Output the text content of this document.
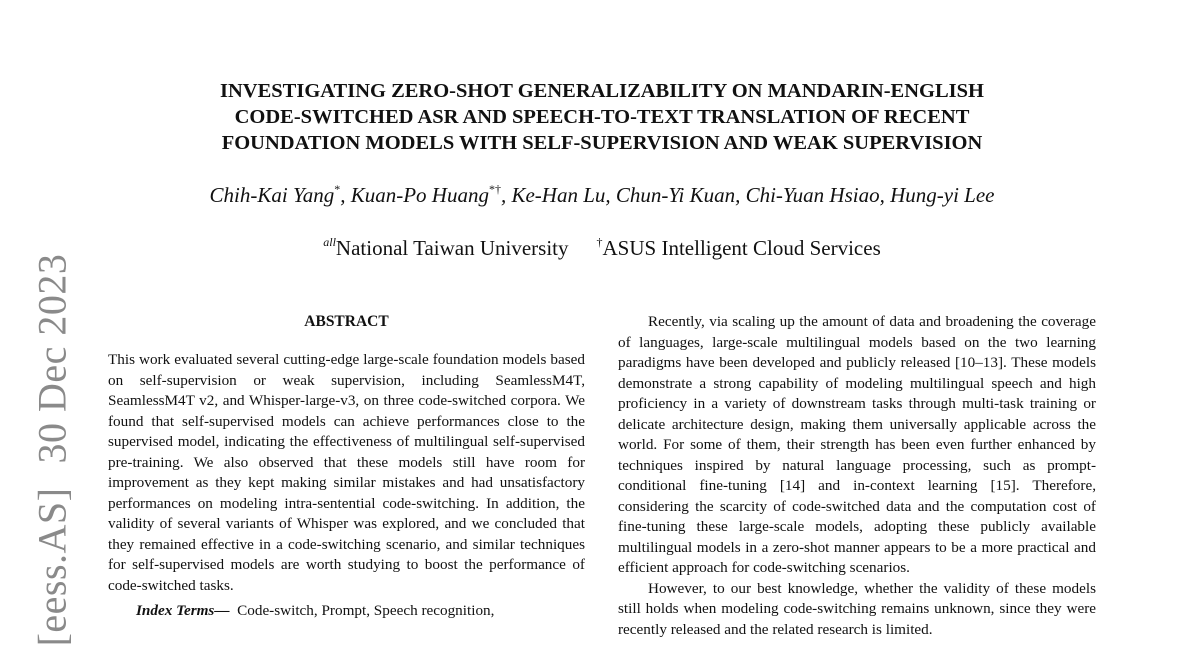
[eess.AS]30 Dec 2023
INVESTIGATING ZERO-SHOT GENERALIZABILITY ON MANDARIN-ENGLISH
CODE-SWITCHED ASR AND SPEECH-TO-TEXT TRANSLATION OF RECENT
FOUNDATION MODELS WITH SELF-SUPERVISION AND WEAK SUPERVISION
Chih-Kai Yang*, Kuan-Po Huang*†, Ke-Han Lu, Chun-Yi Kuan, Chi-Yuan Hsiao, Hung-yi Lee
$^{all}$National Taiwan University †ASUS Intelligent Cloud Services
ABSTRACT

This work evaluated several cutting-edge large-scale foundation models based on self-supervision or weak supervision, including SeamlessM4T, SeamlessM4T v2, and Whisper-large-v3, on three code-switched corpora. We found that self-supervised models can achieve performances close to the supervised model, indicating the effectiveness of multilingual self-supervised pre-training. We also observed that these models still have room for improvement as they kept making similar mistakes and had unsatisfactory performances on modeling intra-sentential code-switching. In addition, the validity of several variants of Whisper was explored, and we concluded that they remained effective in a code-switching scenario, and similar techniques for self-supervised models are worth studying to boost the performance of code-switched tasks.

Index Terms— Code-switch, Prompt, Speech recognition,

Recently, via scaling up the amount of data and broadening the coverage of languages, large-scale multilingual models based on the two learning paradigms have been developed and publicly released [10–13]. These models demonstrate a strong capability of modeling multilingual speech and high proficiency in a variety of downstream tasks through multi-task training or delicate architecture design, making them universally applicable across the world. For some of them, their strength has been even further enhanced by techniques inspired by natural language processing, such as prompt-conditional fine-tuning [14] and in-context learning [15]. Therefore, considering the scarcity of code-switched data and the computation cost of fine-tuning these large-scale models, adopting these publicly available multilingual models in a zero-shot manner appears to be a more practical and efficient approach for code-switching scenarios.

However, to our best knowledge, whether the validity of these models still holds when modeling code-switching remains unknown, since they were recently released and the related research is limited.
